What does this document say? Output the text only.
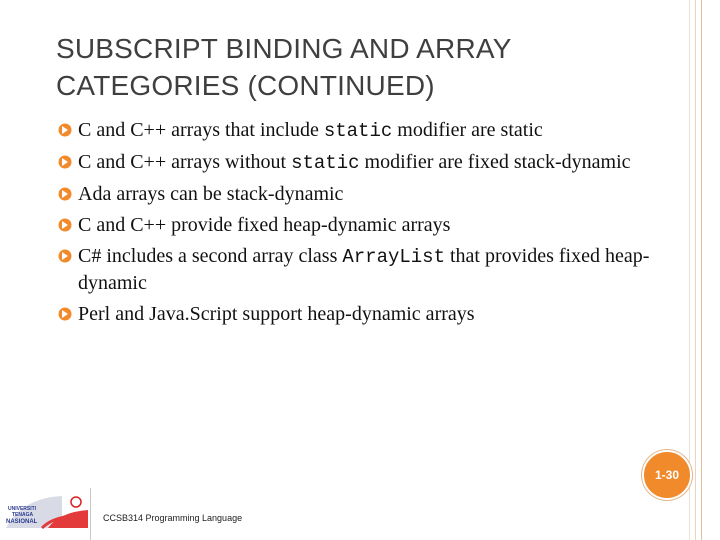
SUBSCRIPT BINDING AND ARRAY
CATEGORIES (CONTINUED)
C and C++ arrays that include static modifier are static
C and C++ arrays without static modifier are fixed stack-dynamic
Ada arrays can be stack-dynamic
C and C++ provide fixed heap-dynamic arrays
C# includes a second array class ArrayList that provides fixed heap-dynamic
Perl and Java.Script support heap-dynamic arrays
1-30
UNIVERSITI
TENAGA
NASIONAL	CCSB314 Programming Language
